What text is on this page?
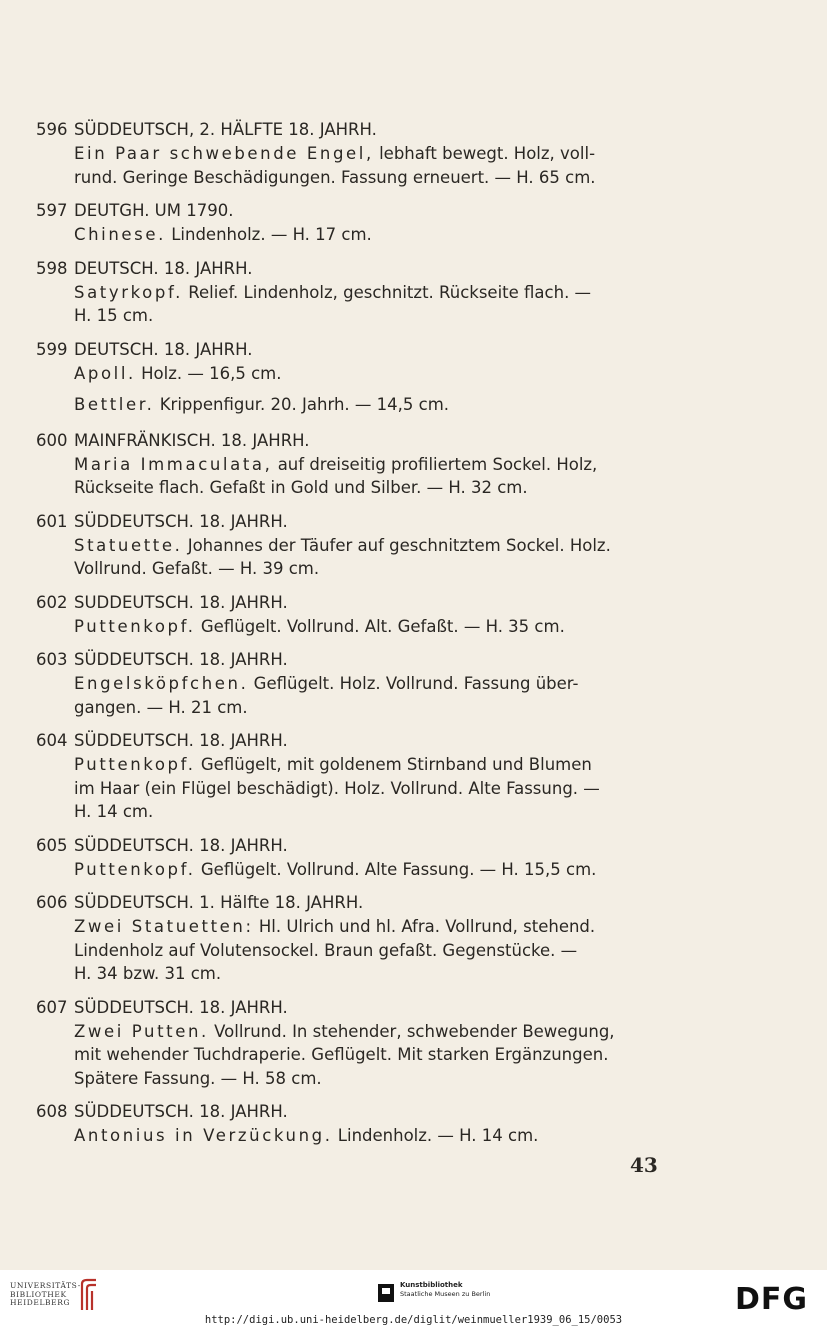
596 SÜDDEUTSCH, 2. HÄLFTE 18. JAHRH.
Ein Paar schwebende Engel, lebhaft bewegt. Holz, voll-
rund. Geringe Beschädigungen. Fassung erneuert. — H. 65 cm.
597 DEUTGH. UM 1790.
Chinese. Lindenholz. — H. 17 cm.
598 DEUTSCH. 18. JAHRH.
Satyrkopf. Relief. Lindenholz, geschnitzt. Rückseite flach. —
H. 15 cm.
599 DEUTSCH. 18. JAHRH.
Apoll. Holz. — 16,5 cm.
Bettler. Krippenfigur. 20. Jahrh. — 14,5 cm.
600 MAINFRÄNKISCH. 18. JAHRH.
Maria Immaculata, auf dreiseitig profiliertem Sockel. Holz,
Rückseite flach. Gefaßt in Gold und Silber. — H. 32 cm.
601 SÜDDEUTSCH. 18. JAHRH.
Statuette. Johannes der Täufer auf geschnitztem Sockel. Holz.
Vollrund. Gefaßt. — H. 39 cm.
602 SUDDEUTSCH. 18. JAHRH.
Puttenkopf. Geflügelt. Vollrund. Alt. Gefaßt. — H. 35 cm.
603 SÜDDEUTSCH. 18. JAHRH.
Engelsköpfchen. Geflügelt. Holz. Vollrund. Fassung über-
gangen. — H. 21 cm.
604 SÜDDEUTSCH. 18. JAHRH.
Puttenkopf. Geflügelt, mit goldenem Stirnband und Blumen
im Haar (ein Flügel beschädigt). Holz. Vollrund. Alte Fassung. —
H. 14 cm.
605 SÜDDEUTSCH. 18. JAHRH.
Puttenkopf. Geflügelt. Vollrund. Alte Fassung. — H. 15,5 cm.
606 SÜDDEUTSCH. 1. Hälfte 18. JAHRH.
Zwei Statuetten: Hl. Ulrich und hl. Afra. Vollrund, stehend.
Lindenholz auf Volutensockel. Braun gefaßt. Gegenstücke. —
H. 34 bzw. 31 cm.
607 SÜDDEUTSCH. 18. JAHRH.
Zwei Putten. Vollrund. In stehender, schwebender Bewegung,
mit wehender Tuchdraperie. Geflügelt. Mit starken Ergänzungen.
Spätere Fassung. — H. 58 cm.
608 SÜDDEUTSCH. 18. JAHRH.
Antonius in Verzückung. Lindenholz. — H. 14 cm.
43
UNIVERSITÄTS-
BIBLIOTHEK
HEIDELBERG
Kunstbibliothek
Staatliche Museen zu Berlin	DFG
http://digi.ub.uni-heidelberg.de/diglit/weinmueller1939_06_15/0053
